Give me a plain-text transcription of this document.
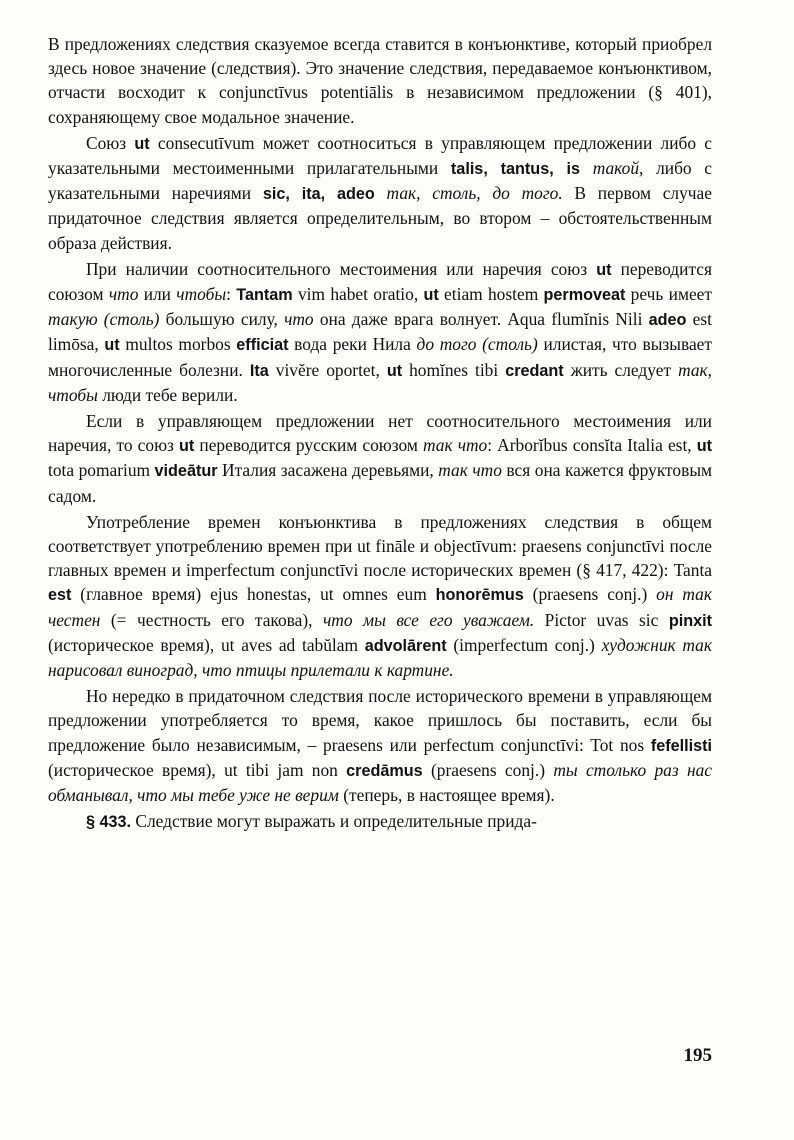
В предложениях следствия сказуемое всегда ставится в конъюнктиве, который приобрел здесь новое значение (следствия). Это значение следствия, передаваемое конъюнктивом, отчасти восходит к conjunctīvus potentiālis в независимом предложении (§ 401), сохраняющему свое модальное значение.

Союз ut consecutīvum может соотноситься в управляющем предложении либо с указательными местоименными прилагательными talis, tantus, is такой, либо с указательными наречиями sic, ita, adeo так, столь, до того. В первом случае придаточное следствия является определительным, во втором – обстоятельственным образа действия.

При наличии соотносительного местоимения или наречия союз ut переводится союзом что или чтобы: Tantam vim habet oratio, ut etiam hostem permoveat речь имеет такую (столь) большую силу, что она даже врага волнует. Aqua flumĭnis Nili adeo est limōsa, ut multos morbos efficiat вода реки Нила до того (столь) илистая, что вызывает многочисленные болезни. Ita vivĕre oportet, ut homĭnes tibi credant жить следует так, чтобы люди тебе верили.

Если в управляющем предложении нет соотносительного местоимения или наречия, то союз ut переводится русским союзом так что: Arborĭbus consĭta Italia est, ut tota pomarium videātur Италия засажена деревьями, так что вся она кажется фруктовым садом.

Употребление времен конъюнктива в предложениях следствия в общем соответствует употреблению времен при ut fināle и objectīvum: praesens conjunctīvi после главных времен и imperfectum conjunctīvi после исторических времен (§ 417, 422): Tanta est (главное время) ejus honestas, ut omnes eum honorēmus (praesens conj.) он так честен (= честность его такова), что мы все его уважаем. Pictor uvas sic pinxit (историческое время), ut aves ad tabŭlam advolārent (imperfectum conj.) художник так нарисовал виноград, что птицы прилетали к картине.

Но нередко в придаточном следствия после исторического времени в управляющем предложении употребляется то время, какое пришлось бы поставить, если бы предложение было независимым, – praesens или perfectum conjunctīvi: Tot nos fefellisti (историческое время), ut tibi jam non credāmus (praesens conj.) ты столько раз нас обманывал, что мы тебе уже не верим (теперь, в настоящее время).

§ 433. Следствие могут выражать и определительные прида-

195
